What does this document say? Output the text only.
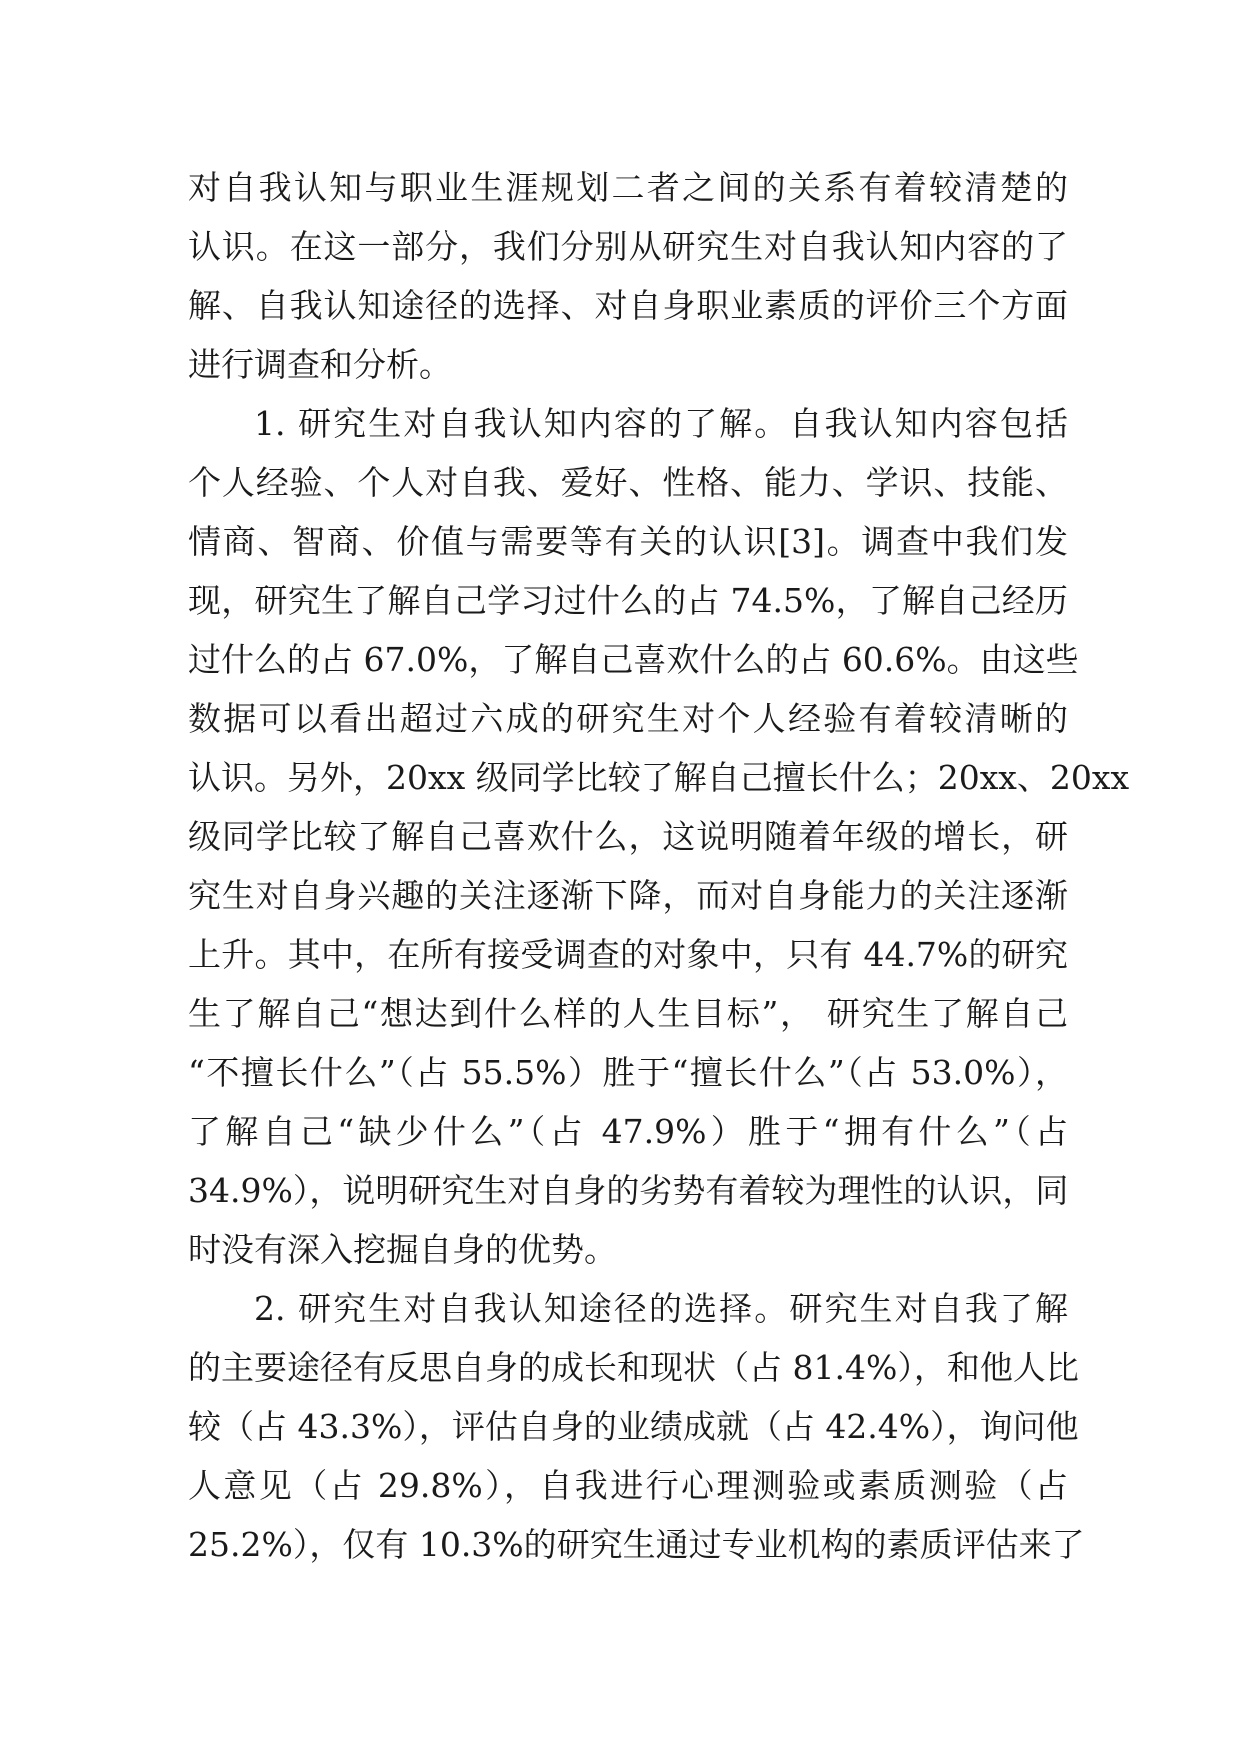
对自我认知与职业生涯规划二者之间的关系有着较清楚的
认识。在这一部分，我们分别从研究生对自我认知内容的了
解、自我认知途径的选择、对自身职业素质的评价三个方面
进行调查和分析。
1. 研究生对自我认知内容的了解。自我认知内容包括
个人经验、个人对自我、爱好、性格、能力、学识、技能、
情商、智商、价值与需要等有关的认识[3]。调查中我们发
现，研究生了解自己学习过什么的占 74.5%，了解自己经历
过什么的占 67.0%，了解自己喜欢什么的占 60.6%。由这些
数据可以看出超过六成的研究生对个人经验有着较清晰的
认识。另外，20xx 级同学比较了解自己擅长什么；20xx、20xx
级同学比较了解自己喜欢什么，这说明随着年级的增长，研
究生对自身兴趣的关注逐渐下降，而对自身能力的关注逐渐
上升。其中，在所有接受调查的对象中，只有 44.7%的研究
生了解自己“想达到什么样的人生目标”， 研究生了解自己
“不擅长什么”（占 55.5%）胜于“擅长什么”（占 53.0%），
了解自己“缺少什么”（占 47.9%）胜于“拥有什么”（占
34.9%），说明研究生对自身的劣势有着较为理性的认识，同
时没有深入挖掘自身的优势。
2. 研究生对自我认知途径的选择。研究生对自我了解
的主要途径有反思自身的成长和现状（占 81.4%），和他人比
较（占 43.3%），评估自身的业绩成就（占 42.4%），询问他
人意见（占 29.8%），自我进行心理测验或素质测验（占
25.2%），仅有 10.3%的研究生通过专业机构的素质评估来了
